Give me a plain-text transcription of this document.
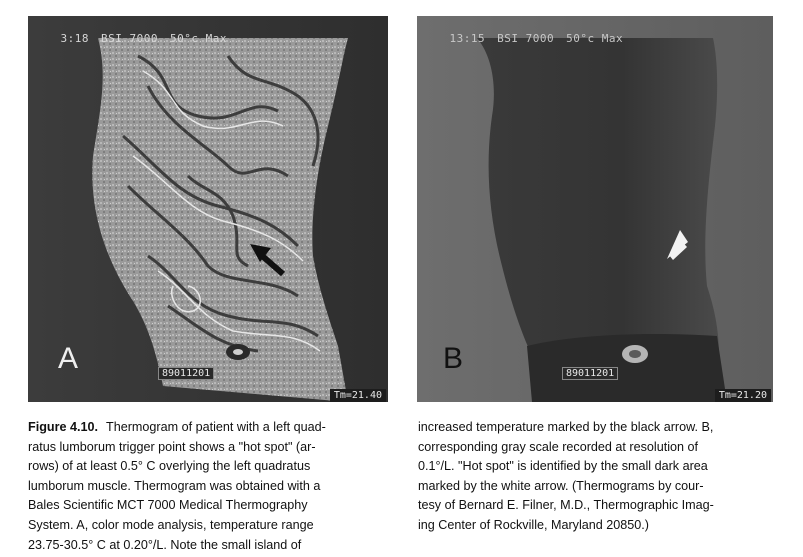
3:18 BSI 7000 50°c Max

A	89011201
Tm=21.40

13:15 BSI 7000 50°c Max

B	89011201
Tm=21.20
Figure 4.10. Thermogram of patient with a left quad-
ratus lumborum trigger point shows a "hot spot" (ar-
rows) of at least 0.5° C overlying the left quadratus
lumborum muscle. Thermogram was obtained with a
Bales Scientific MCT 7000 Medical Thermography
System. A, color mode analysis, temperature range
23.75-30.5° C at 0.20°/L. Note the small island of
increased temperature marked by the black arrow. B,
corresponding gray scale recorded at resolution of
0.1°/L. "Hot spot" is identified by the small dark area
marked by the white arrow. (Thermograms by cour-
tesy of Bernard E. Filner, M.D., Thermographic Imag-
ing Center of Rockville, Maryland 20850.)
